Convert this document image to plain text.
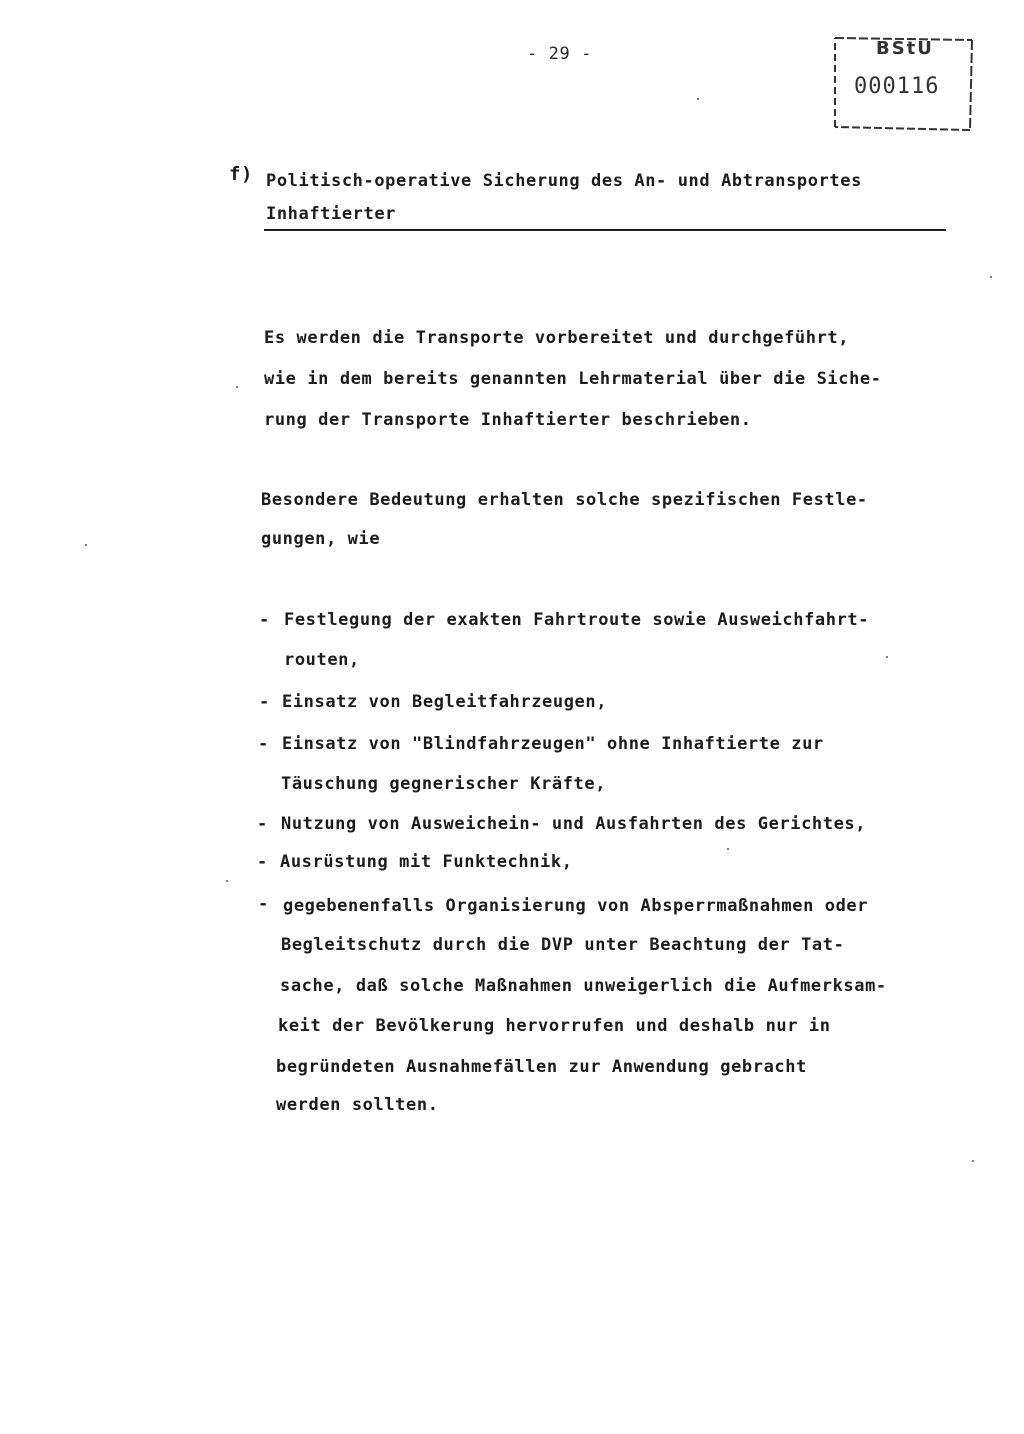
- 29 -	BStU
000116
f) Politisch-operative Sicherung des An- und Abtransportes
Inhaftierter
Es werden die Transporte vorbereitet und durchgeführt,
wie in dem bereits genannten Lehrmaterial über die Siche-
rung der Transporte Inhaftierter beschrieben.
Besondere Bedeutung erhalten solche spezifischen Festle-
gungen, wie
- Festlegung der exakten Fahrtroute sowie Ausweichfahrt-
routen,
- Einsatz von Begleitfahrzeugen,
- Einsatz von "Blindfahrzeugen" ohne Inhaftierte zur
Täuschung gegnerischer Kräfte,
- Nutzung von Ausweichein- und Ausfahrten des Gerichtes,
- Ausrüstung mit Funktechnik,
- gegebenenfalls Organisierung von Absperrmaßnahmen oder
Begleitschutz durch die DVP unter Beachtung der Tat-
sache, daß solche Maßnahmen unweigerlich die Aufmerksam-
keit der Bevölkerung hervorrufen und deshalb nur in
begründeten Ausnahmefällen zur Anwendung gebracht
werden sollten.
